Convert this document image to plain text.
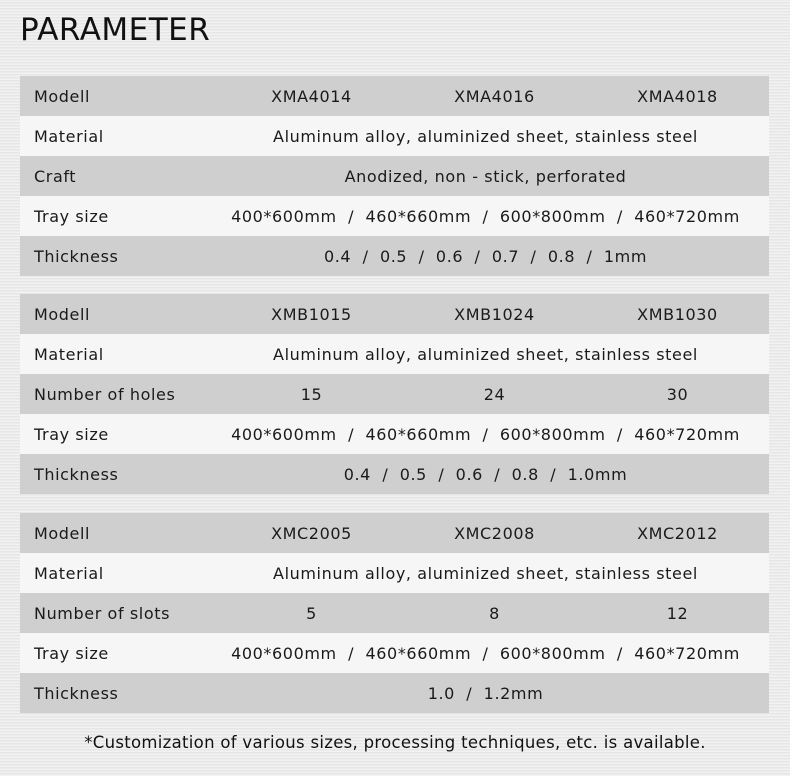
PARAMETER
Modell	XMA4014	XMA4016	XMA4018
Material	Aluminum alloy, aluminized sheet, stainless steel
Craft	Anodized, non - stick, perforated
Tray size	400*600mm  /  460*660mm  /  600*800mm  /  460*720mm
Thickness	0.4  /  0.5  /  0.6  /  0.7  /  0.8  /  1mm
Modell	XMB1015	XMB1024	XMB1030
Material	Aluminum alloy, aluminized sheet, stainless steel
Number of holes	15	24	30
Tray size	400*600mm  /  460*660mm  /  600*800mm  /  460*720mm
Thickness	0.4  /  0.5  /  0.6  /  0.8  /  1.0mm
Modell	XMC2005	XMC2008	XMC2012
Material	Aluminum alloy, aluminized sheet, stainless steel
Number of slots	5	8	12
Tray size	400*600mm  /  460*660mm  /  600*800mm  /  460*720mm
Thickness	1.0  /  1.2mm
*Customization of various sizes, processing techniques, etc. is available.
